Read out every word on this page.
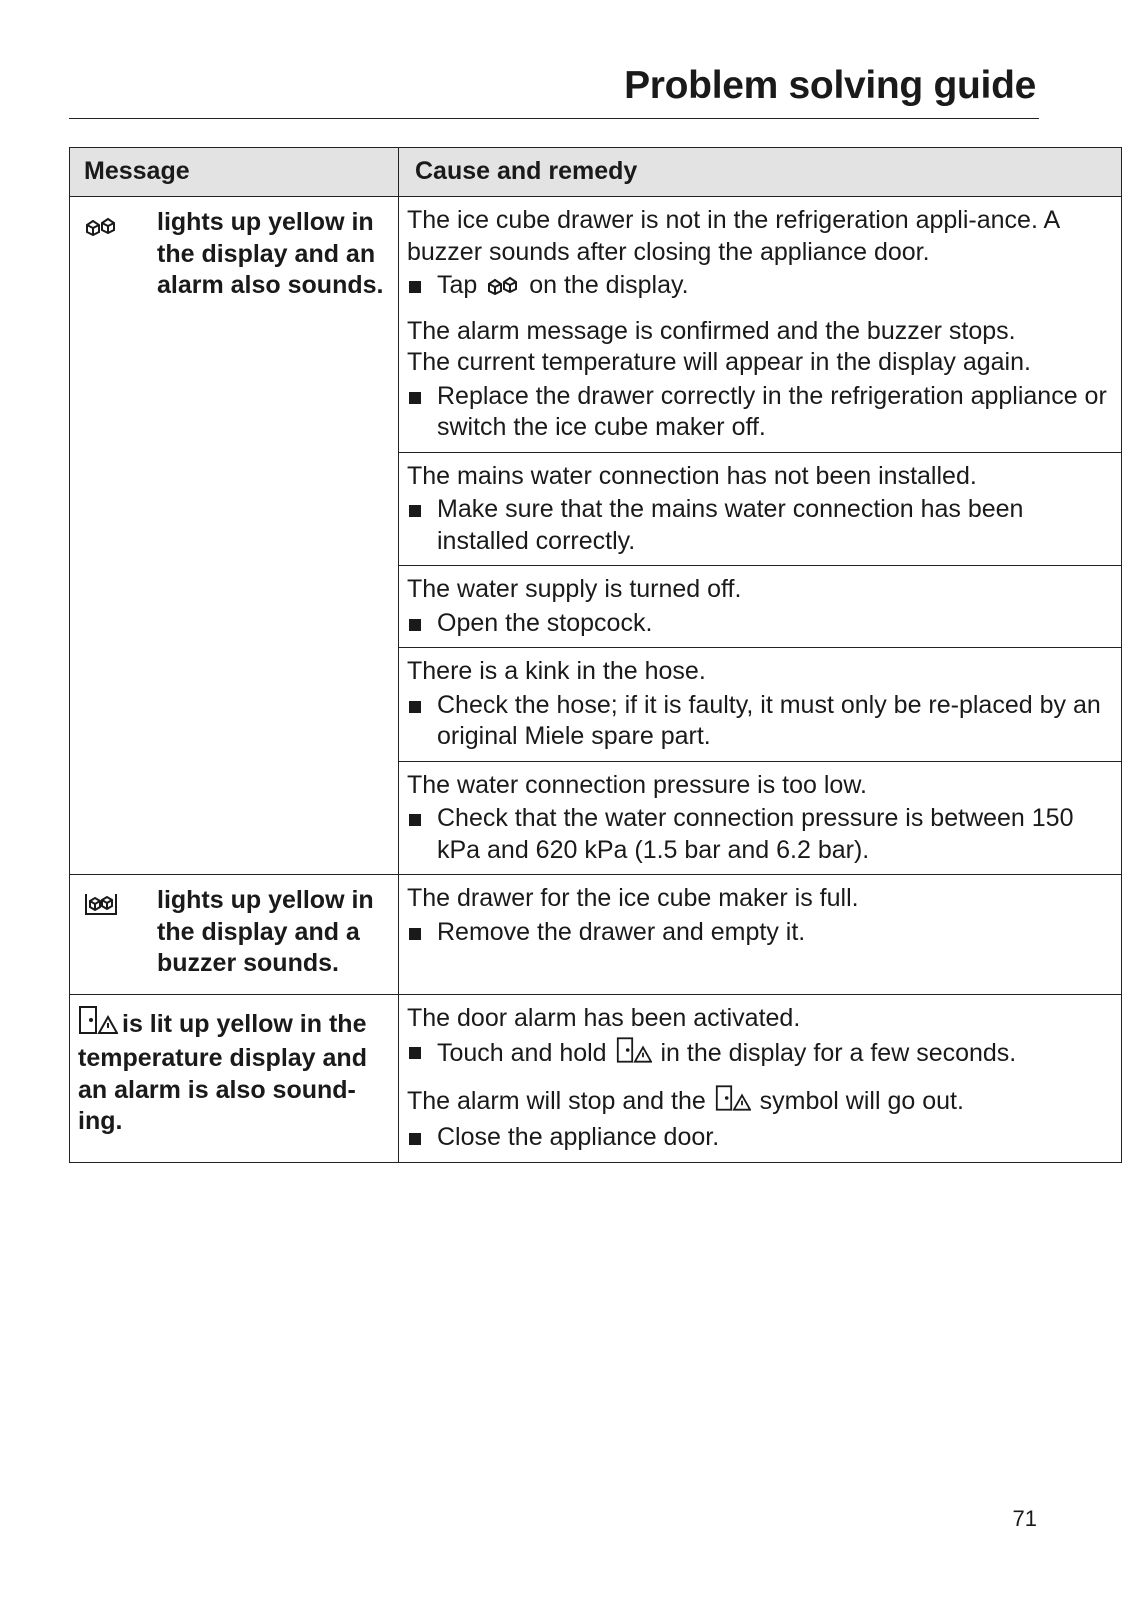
Problem solving guide
Message	Cause and remedy

lights up yellow in the display and an alarm also sounds.	The ice cube drawer is not in the refrigeration appli-ance. A buzzer sounds after closing the appliance door.

Tap on the display.

The alarm message is confirmed and the buzzer stops.

The current temperature will appear in the display again.

Replace the drawer correctly in the refrigeration appliance or switch the ice cube maker off.

	The mains water connection has not been installed.

Make sure that the mains water connection has been installed correctly.

	The water supply is turned off.

Open the stopcock.

	There is a kink in the hose.

Check the hose; if it is faulty, it must only be re-placed by an original Miele spare part.

	The water connection pressure is too low.

Check that the water connection pressure is between 150 kPa and 620 kPa (1.5 bar and 6.2 bar).

lights up yellow in the display and a buzzer sounds.	The drawer for the ice cube maker is full.

Remove the drawer and empty it.

is lit up yellow in the temperature display and an alarm is also sound-ing.	The door alarm has been activated.

Touch and hold in the display for a few seconds.

The alarm will stop and the symbol will go out.

Close the appliance door.
71
